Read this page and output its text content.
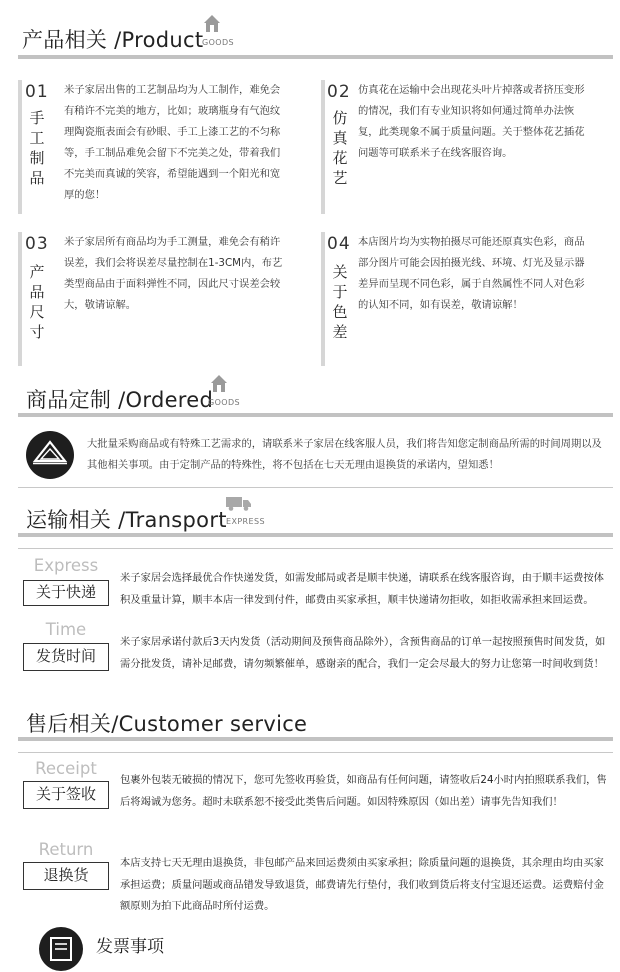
产品相关 /Product
GOODS
01
手工制品
米子家居出售的工艺制品均为人工制作，难免会有稍许不完美的地方，比如；玻璃瓶身有气泡纹理陶瓷瓶表面会有砂眼、手工上漆工艺的不匀称等，手工制品难免会留下不完美之处，带着我们不完美而真诚的笑容，希望能遇到一个阳光和宽厚的您！
02
仿真花艺
仿真花在运输中会出现花头叶片掉落或者挤压变形的情况，我们有专业知识将如何通过简单办法恢复，此类现象不属于质量问题。关于整体花艺插花问题等可联系米子在线客服咨询。
03
产品尺寸
米子家居所有商品均为手工测量，难免会有稍许误差，我们会将误差尽量控制在1-3CM内，布艺类型商品由于面料弹性不同，因此尺寸误差会较大，敬请谅解。
04
关于色差
本店图片均为实物拍摄尽可能还原真实色彩，商品部分图片可能会因拍摄光线、环境、灯光及显示器差异而呈现不同色彩，属于自然属性不同人对色彩的认知不同，如有误差，敬请谅解！
商品定制 /Ordered
GOODS
大批量采购商品或有特殊工艺需求的，请联系米子家居在线客服人员，我们将告知您定制商品所需的时间周期以及其他相关事项。由于定制产品的特殊性，将不包括在七天无理由退换货的承诺内，望知悉！
运输相关 /Transport EXPRESS
Express
关于快递
米子家居会选择最优合作快递发货，如需发邮局或者是顺丰快递，请联系在线客服咨询，由于顺丰运费按体积及重量计算，顺丰本店一律发到付件，邮费由买家承担，顺丰快递请勿拒收，如拒收需承担来回运费。
Time
发货时间
米子家居承诺付款后3天内发货（活动期间及预售商品除外），含预售商品的订单一起按照预售时间发货，如需分批发货，请补足邮费，请勿频繁催单，感谢亲的配合，我们一定会尽最大的努力让您第一时间收到货！
售后相关/Customer service
Receipt
关于签收
包裹外包装无破损的情况下，您可先签收再验货，如商品有任何问题，请签收后24小时内拍照联系我们，售后将竭诚为您务。超时未联系恕不接受此类售后问题。如因特殊原因（如出差）请事先告知我们！
Return
退换货
本店支持七天无理由退换货，非包邮产品来回运费须由买家承担；除质量问题的退换货，其余理由均由买家承担运费；质量问题或商品错发导致退货，邮费请先行垫付，我们收到货后将支付宝退还运费。运费赔付金额原则为拍下此商品时所付运费。
发票事项
